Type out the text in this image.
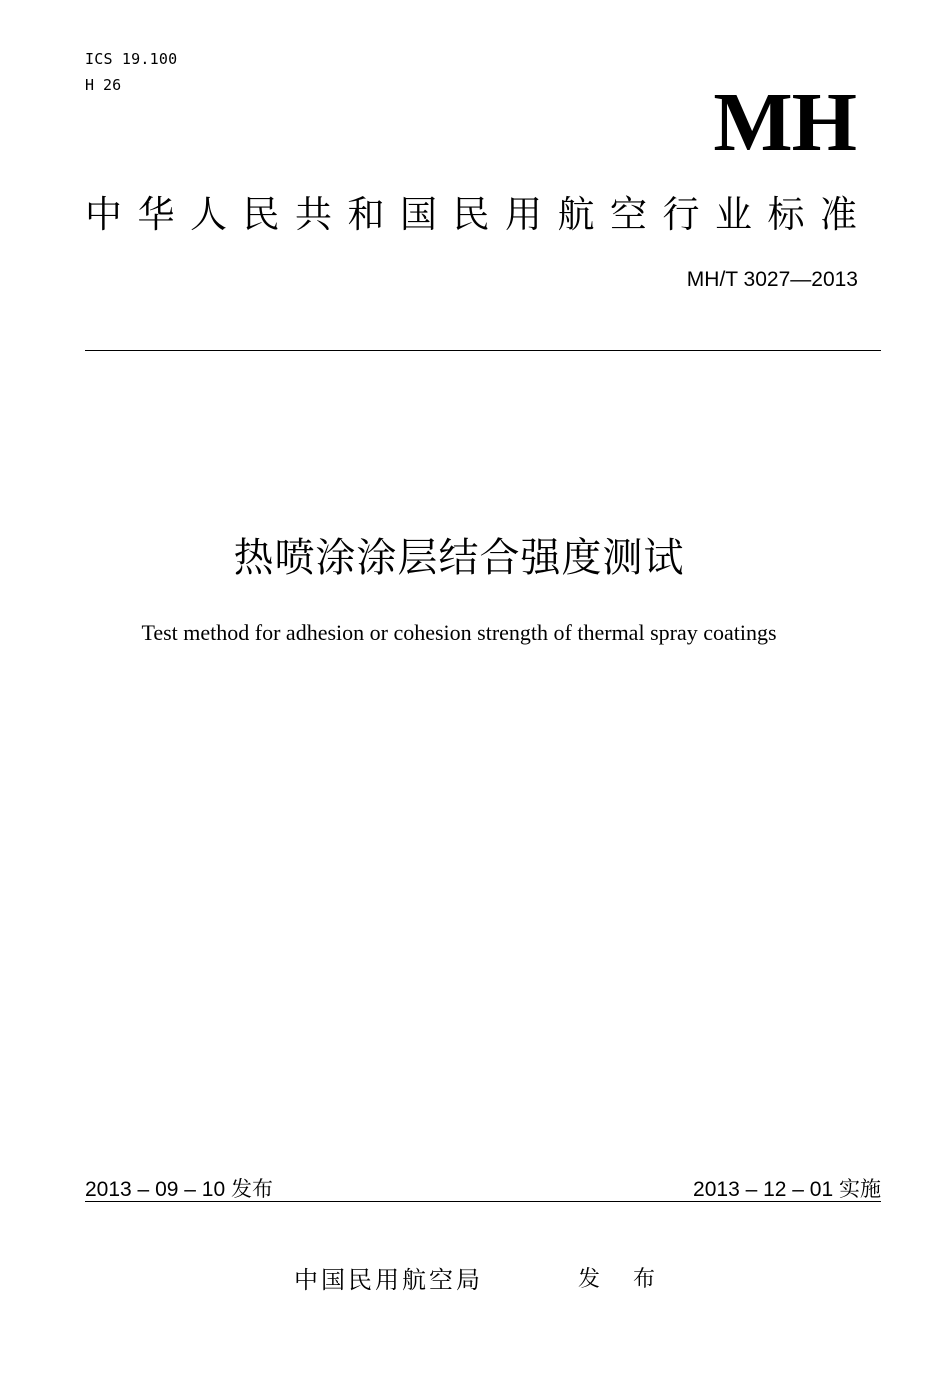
ICS 19.100
H 26	MH
中华人民共和国民用航空行业标准
MH/T 3027—2013
热喷涂涂层结合强度测试
Test method for adhesion or cohesion strength of thermal spray coatings
2013 – 09 – 10 发布	2013 – 12 – 01 实施
中国民用航空局	发 布
